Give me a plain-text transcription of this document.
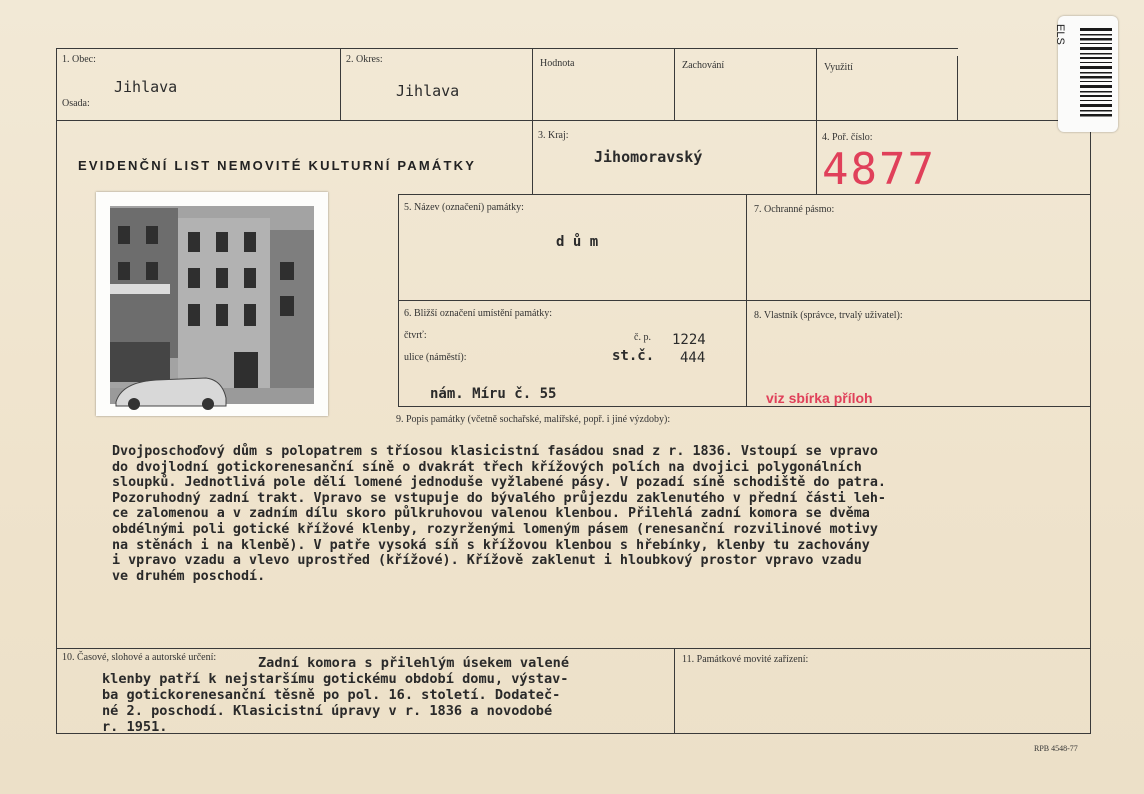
1. Obec:
Jihlava
Osada:
2. Okres:
Jihlava
Hodnota	Zachování	Využití
EVIDENČNÍ LIST NEMOVITÉ KULTURNÍ PAMÁTKY
3. Kraj:
Jihomoravský
4. Poř. číslo:
4877
5. Název (označení) památky:
d ů m
7. Ochranné pásmo:
6. Bližší označení umístění památky:
čtvrť:	č. p. 1224
ulice (náměstí):	st.č. 444
nám. Míru č. 55
8. Vlastník (správce, trvalý uživatel):
viz sbírka příloh
9. Popis památky (včetně sochařské, malířské, popř. i jiné výzdoby):
Dvojposchoďový dům s polopatrem s tříosou klasicistní fasádou snad z r. 1836. Vstoupí se vpravo
do dvojlodní gotickorenesanční síně o dvakrát třech křížových polích na dvojici polygonálních
sloupků. Jednotlivá pole dělí lomené jednoduše vyžlabené pásy. V pozadí síně schodiště do patra.
Pozoruhodný zadní trakt. Vpravo se vstupuje do bývalého průjezdu zaklenutého v přední části leh-
ce zalomenou a v zadním dílu skoro půlkruhovou valenou klenbou. Přilehlá zadní komora se dvěma
obdélnými poli gotické křížové klenby, rozyrženými lomeným pásem (renesanční rozvilinové motivy
na stěnách i na klenbě). V patře vysoká síň s křížovou klenbou s hřebínky, klenby tu zachovány
i vpravo vzadu a vlevo uprostřed (křížové). Křížově zaklenut i hloubkový prostor vpravo vzadu
ve druhém poschodí.
10. Časové, slohové a autorské určení:	Zadní komora s přilehlým úsekem valené
klenby patří k nejstaršímu gotickému období domu, výstav-
ba gotickorenesanční těsně po pol. 16. století. Dodateč-
né 2. poschodí. Klasicistní úpravy v r. 1836 a novodobé
r. 1951.
11. Památkové movité zařízení:
RPB 4548-77
ELS
